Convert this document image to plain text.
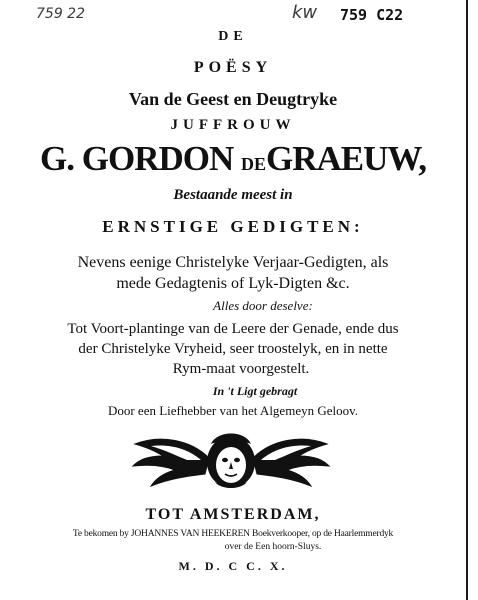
759 22	kw 759 C22
DE
POËSY
Van de Geest en Deugtryke
JUFFROUW
G. GORDON DEGRAEUW,
Bestaande meest in
ERNSTIGE GEDIGTEN:
Nevens eenige Christelyke Verjaar-Gedigten, als
mede Gedagtenis of Lyk-Digten &c.
Alles door deselve:
Tot Voort-plantinge van de Leere der Genade, ende dus
der Christelyke Vryheid, seer troostelyk, en in nette
Rym-maat voorgestelt.
In 't Ligt gebragt
Door een Liefhebber van het Algemeyn Geloov.
TOT AMSTERDAM,
Te bekomen by JOHANNES VAN HEEKEREN Boekverkooper, op de Haarlemmerdyk
over de Een hoorn-Sluys.
M. D. C C. X.
